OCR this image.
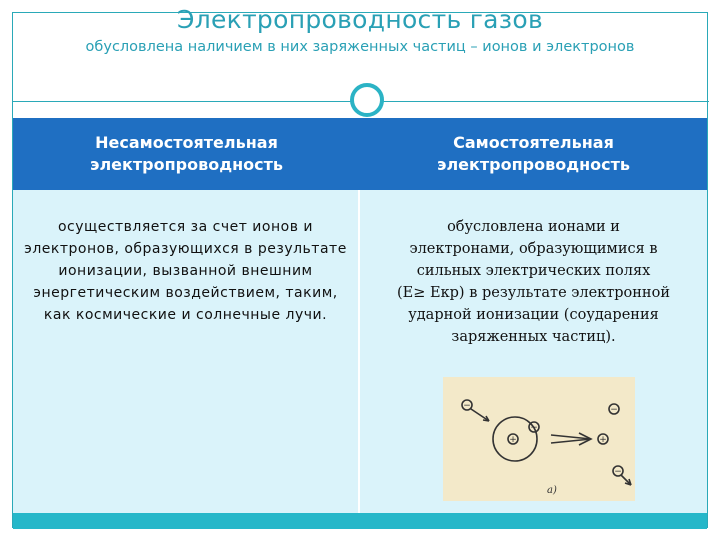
Электропроводность газов
обусловлена наличием в них заряженных частиц – ионов и электронов
Несамостоятельная электропроводность
Самостоятельная электропроводность
осуществляется за счет ионов и электронов, образующихся в результате ионизации, вызванной внешним энергетическим воздействием, таким, как космические и солнечные лучи.
обусловлена ионами и
электронами, образующимися в
сильных электрических полях
(E≥ Eкр) в результате электронной
ударной ионизации (соударения
заряженных частиц).
−
+
−
+
−
−
a)
